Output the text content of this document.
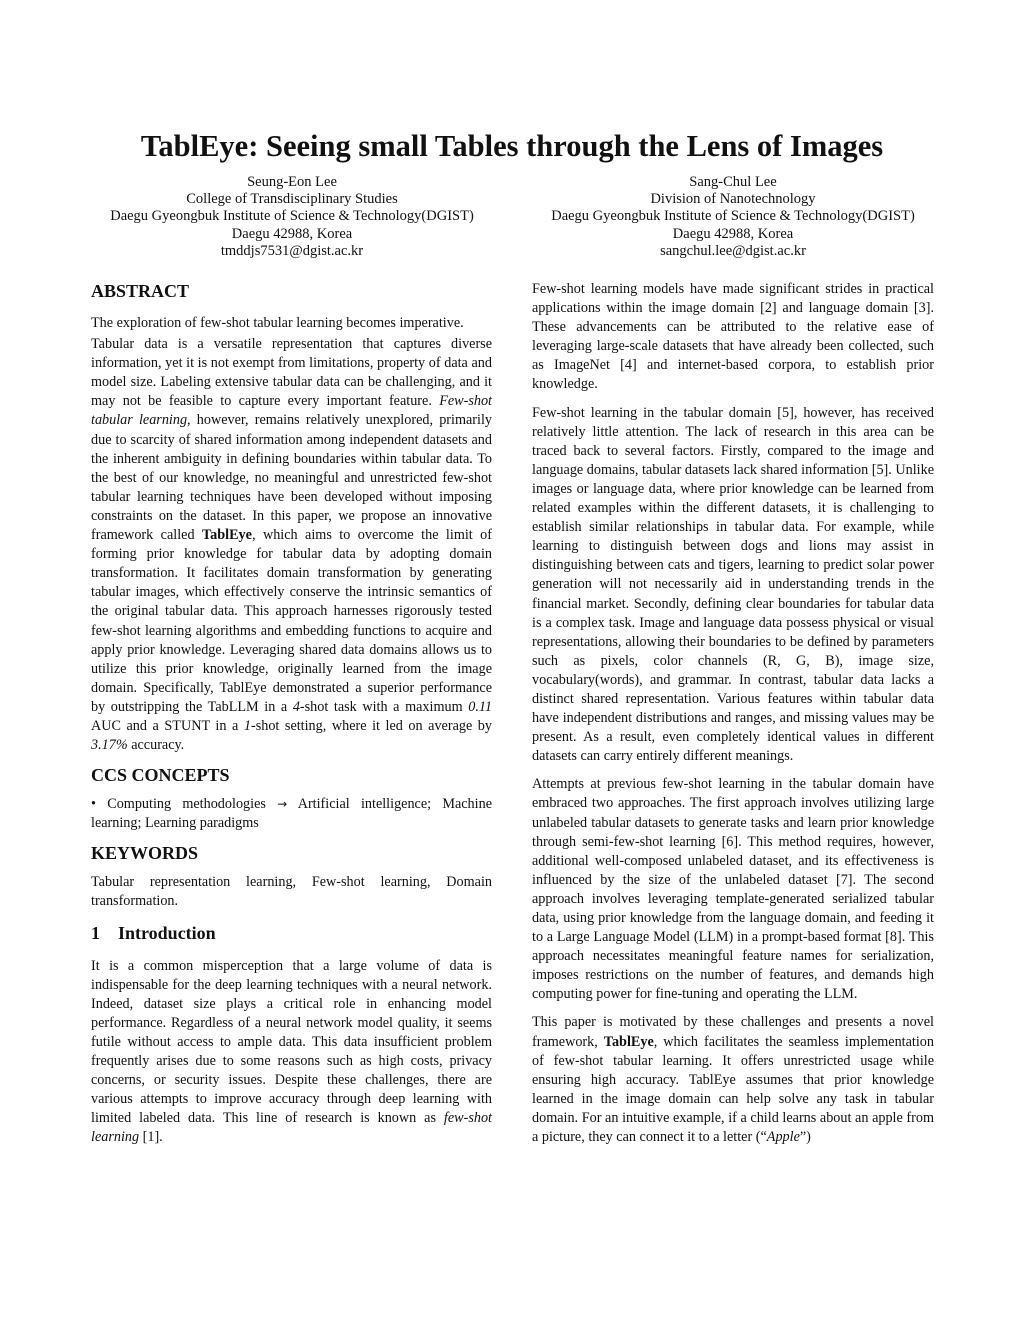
TablEye: Seeing small Tables through the Lens of Images
Seung-Eon Lee
College of Transdisciplinary Studies
Daegu Gyeongbuk Institute of Science & Technology(DGIST)
Daegu 42988, Korea
tmddjs7531@dgist.ac.kr
Sang-Chul Lee
Division of Nanotechnology
Daegu Gyeongbuk Institute of Science & Technology(DGIST)
Daegu 42988, Korea
sangchul.lee@dgist.ac.kr
ABSTRACT

The exploration of few-shot tabular learning becomes imperative.

Tabular data is a versatile representation that captures diverse information, yet it is not exempt from limitations, property of data and model size. Labeling extensive tabular data can be challenging, and it may not be feasible to capture every important feature. Few-shot tabular learning, however, remains relatively unexplored, primarily due to scarcity of shared information among independent datasets and the inherent ambiguity in defining boundaries within tabular data. To the best of our knowledge, no meaningful and unrestricted few-shot tabular learning techniques have been developed without imposing constraints on the dataset. In this paper, we propose an innovative framework called TablEye, which aims to overcome the limit of forming prior knowledge for tabular data by adopting domain transformation. It facilitates domain transformation by generating tabular images, which effectively conserve the intrinsic semantics of the original tabular data. This approach harnesses rigorously tested few-shot learning algorithms and embedding functions to acquire and apply prior knowledge. Leveraging shared data domains allows us to utilize this prior knowledge, originally learned from the image domain. Specifically, TablEye demonstrated a superior performance by outstripping the TabLLM in a 4-shot task with a maximum 0.11 AUC and a STUNT in a 1-shot setting, where it led on average by 3.17% accuracy.

CCS CONCEPTS

• Computing methodologies → Artificial intelligence; Machine learning; Learning paradigms

KEYWORDS

Tabular representation learning, Few-shot learning, Domain transformation.

1 Introduction

It is a common misperception that a large volume of data is indispensable for the deep learning techniques with a neural network. Indeed, dataset size plays a critical role in enhancing model performance. Regardless of a neural network model quality, it seems futile without access to ample data. This data insufficient problem frequently arises due to some reasons such as high costs, privacy concerns, or security issues. Despite these challenges, there are various attempts to improve accuracy through deep learning with limited labeled data. This line of research is known as few-shot learning [1].

Few-shot learning models have made significant strides in practical applications within the image domain [2] and language domain [3]. These advancements can be attributed to the relative ease of leveraging large-scale datasets that have already been collected, such as ImageNet [4] and internet-based corpora, to establish prior knowledge.

Few-shot learning in the tabular domain [5], however, has received relatively little attention. The lack of research in this area can be traced back to several factors. Firstly, compared to the image and language domains, tabular datasets lack shared information [5]. Unlike images or language data, where prior knowledge can be learned from related examples within the different datasets, it is challenging to establish similar relationships in tabular data. For example, while learning to distinguish between dogs and lions may assist in distinguishing between cats and tigers, learning to predict solar power generation will not necessarily aid in understanding trends in the financial market. Secondly, defining clear boundaries for tabular data is a complex task. Image and language data possess physical or visual representations, allowing their boundaries to be defined by parameters such as pixels, color channels (R, G, B), image size, vocabulary(words), and grammar. In contrast, tabular data lacks a distinct shared representation. Various features within tabular data have independent distributions and ranges, and missing values may be present. As a result, even completely identical values in different datasets can carry entirely different meanings.

Attempts at previous few-shot learning in the tabular domain have embraced two approaches. The first approach involves utilizing large unlabeled tabular datasets to generate tasks and learn prior knowledge through semi-few-shot learning [6]. This method requires, however, additional well-composed unlabeled dataset, and its effectiveness is influenced by the size of the unlabeled dataset [7]. The second approach involves leveraging template-generated serialized tabular data, using prior knowledge from the language domain, and feeding it to a Large Language Model (LLM) in a prompt-based format [8]. This approach necessitates meaningful feature names for serialization, imposes restrictions on the number of features, and demands high computing power for fine-tuning and operating the LLM.

This paper is motivated by these challenges and presents a novel framework, TablEye, which facilitates the seamless implementation of few-shot tabular learning. It offers unrestricted usage while ensuring high accuracy. TablEye assumes that prior knowledge learned in the image domain can help solve any task in tabular domain. For an intuitive example, if a child learns about an apple from a picture, they can connect it to a letter (“Apple”)
